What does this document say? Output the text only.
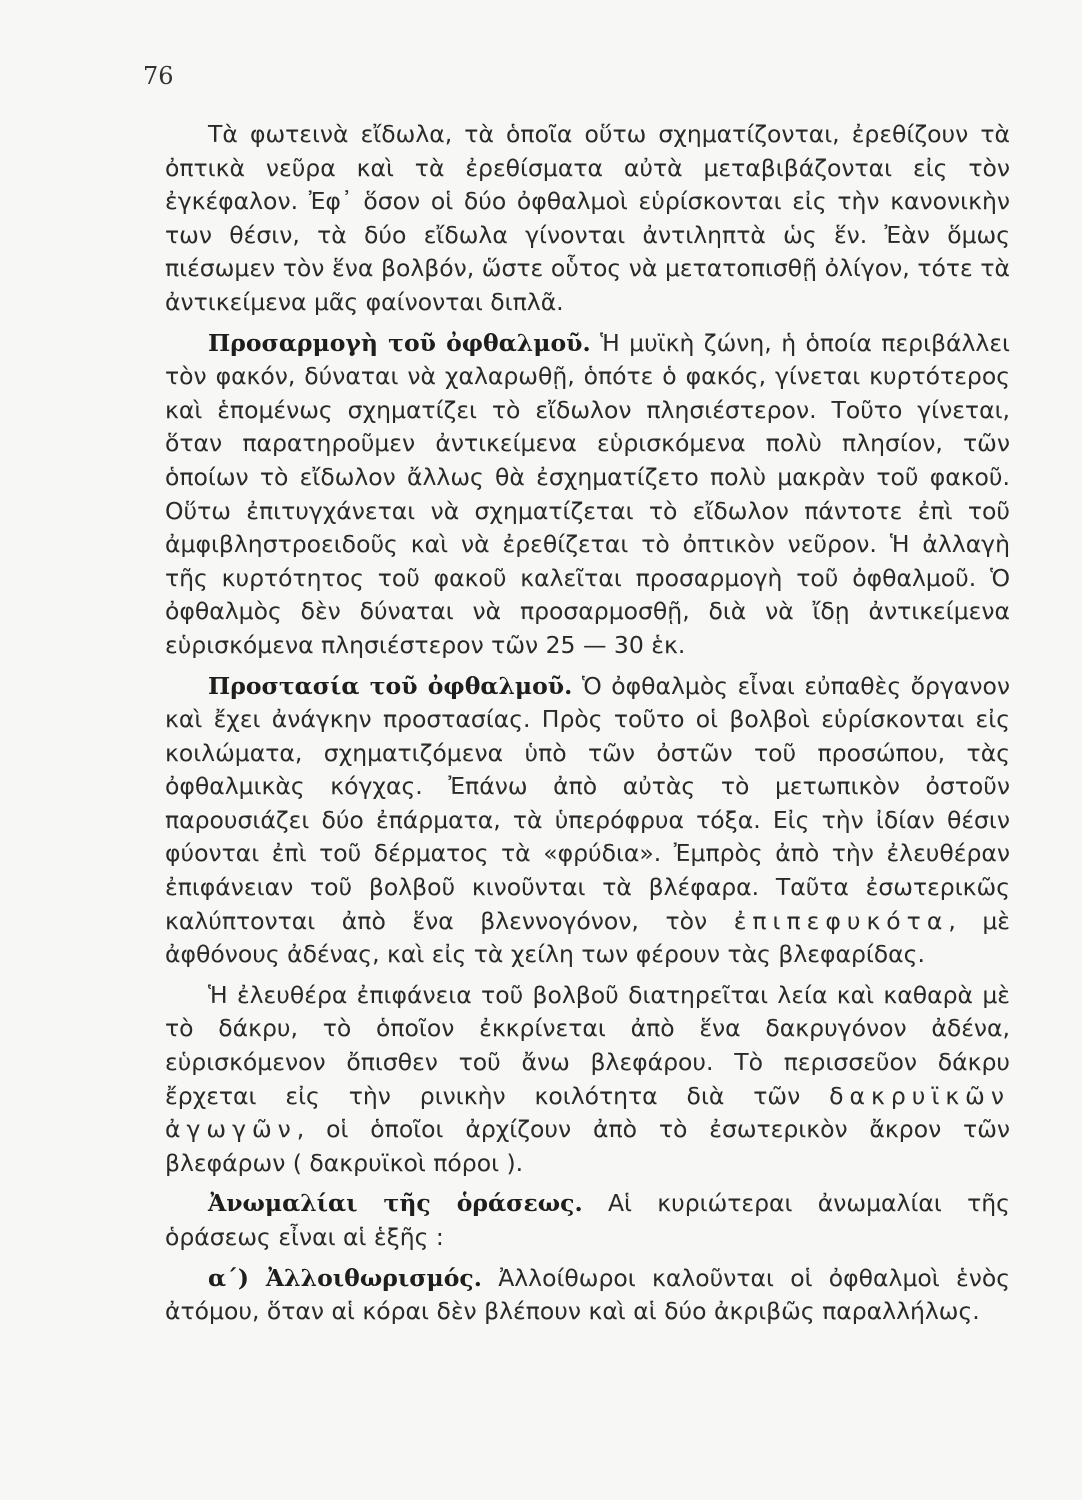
76

Τὰ φωτεινὰ εἴδωλα, τὰ ὁποῖα οὕτω σχηματίζονται, ἐρεθίζουν τὰ ὀπτικὰ νεῦρα καὶ τὰ ἐρεθίσματα αὐτὰ μεταβιβάζονται εἰς τὸν ἐγκέφαλον. Ἐφ᾽ ὅσον οἱ δύο ὀφθαλμοὶ εὑρίσκονται εἰς τὴν κανονικὴν των θέσιν, τὰ δύο εἴδωλα γίνονται ἀντιληπτὰ ὡς ἕν. Ἐὰν ὅμως πιέσωμεν τὸν ἕνα βολβόν, ὥστε οὗτος νὰ μετατοπισθῇ ὀλίγον, τότε τὰ ἀντικείμενα μᾶς φαίνονται διπλᾶ.

Προσαρμογὴ τοῦ ὀφθαλμοῦ. Ἡ μυϊκὴ ζώνη, ἡ ὁποία περιβάλλει τὸν φακόν, δύναται νὰ χαλαρωθῇ, ὁπότε ὁ φακός, γίνεται κυρτότερος καὶ ἑπομένως σχηματίζει τὸ εἴδωλον πλησιέστερον. Τοῦτο γίνεται, ὅταν παρατηροῦμεν ἀντικείμενα εὑρισκόμενα πολὺ πλησίον, τῶν ὁποίων τὸ εἴδωλον ἄλλως θὰ ἐσχηματίζετο πολὺ μακρὰν τοῦ φακοῦ. Οὕτω ἐπιτυγχάνεται νὰ σχηματίζεται τὸ εἴδωλον πάντοτε ἐπὶ τοῦ ἀμφιβληστροειδοῦς καὶ νὰ ἐρεθίζεται τὸ ὀπτικὸν νεῦρον. Ἡ ἀλλαγὴ τῆς κυρτότητος τοῦ φακοῦ καλεῖται προσαρμογὴ τοῦ ὀφθαλμοῦ. Ὁ ὀφθαλμὸς δὲν δύναται νὰ προσαρμοσθῇ, διὰ νὰ ἴδῃ ἀντικείμενα εὑρισκόμενα πλησιέστερον τῶν 25 — 30 ἑκ.

Προστασία τοῦ ὀφθαλμοῦ. Ὁ ὀφθαλμὸς εἶναι εὐπαθὲς ὄργανον καὶ ἔχει ἀνάγκην προστασίας. Πρὸς τοῦτο οἱ βολβοὶ εὑρίσκονται εἰς κοιλώματα, σχηματιζόμενα ὑπὸ τῶν ὀστῶν τοῦ προσώπου, τὰς ὀφθαλμικὰς κόγχας. Ἐπάνω ἀπὸ αὐτὰς τὸ μετωπικὸν ὀστοῦν παρουσιάζει δύο ἐπάρματα, τὰ ὑπερόφρυα τόξα. Εἰς τὴν ἰδίαν θέσιν φύονται ἐπὶ τοῦ δέρματος τὰ «φρύδια». Ἐμπρὸς ἀπὸ τὴν ἐλευθέραν ἐπιφάνειαν τοῦ βολβοῦ κινοῦνται τὰ βλέφαρα. Ταῦτα ἐσωτερικῶς καλύπτονται ἀπὸ ἕνα βλεννογόνον, τὸν ἐπιπεφυκότα, μὲ ἀφθόνους ἀδένας, καὶ εἰς τὰ χείλη των φέρουν τὰς βλεφαρίδας.

Ἡ ἐλευθέρα ἐπιφάνεια τοῦ βολβοῦ διατηρεῖται λεία καὶ καθαρὰ μὲ τὸ δάκρυ, τὸ ὁποῖον ἐκκρίνεται ἀπὸ ἕνα δακρυγόνον ἀδένα, εὑρισκόμενον ὄπισθεν τοῦ ἄνω βλεφάρου. Τὸ περισσεῦον δάκρυ ἔρχεται εἰς τὴν ρινικὴν κοιλότητα διὰ τῶν δακρυϊκῶν ἀγωγῶν, οἱ ὁποῖοι ἀρχίζουν ἀπὸ τὸ ἐσωτερικὸν ἄκρον τῶν βλεφάρων ( δακρυϊκοὶ πόροι ).

Ἀνωμαλίαι τῆς ὁράσεως. Αἱ κυριώτεραι ἀνωμαλίαι τῆς ὁράσεως εἶναι αἱ ἑξῆς :

α΄) Ἀλλοιθωρισμός. Ἀλλοίθωροι καλοῦνται οἱ ὀφθαλμοὶ ἑνὸς ἀτόμου, ὅταν αἱ κόραι δὲν βλέπουν καὶ αἱ δύο ἀκριβῶς παραλλήλως.
